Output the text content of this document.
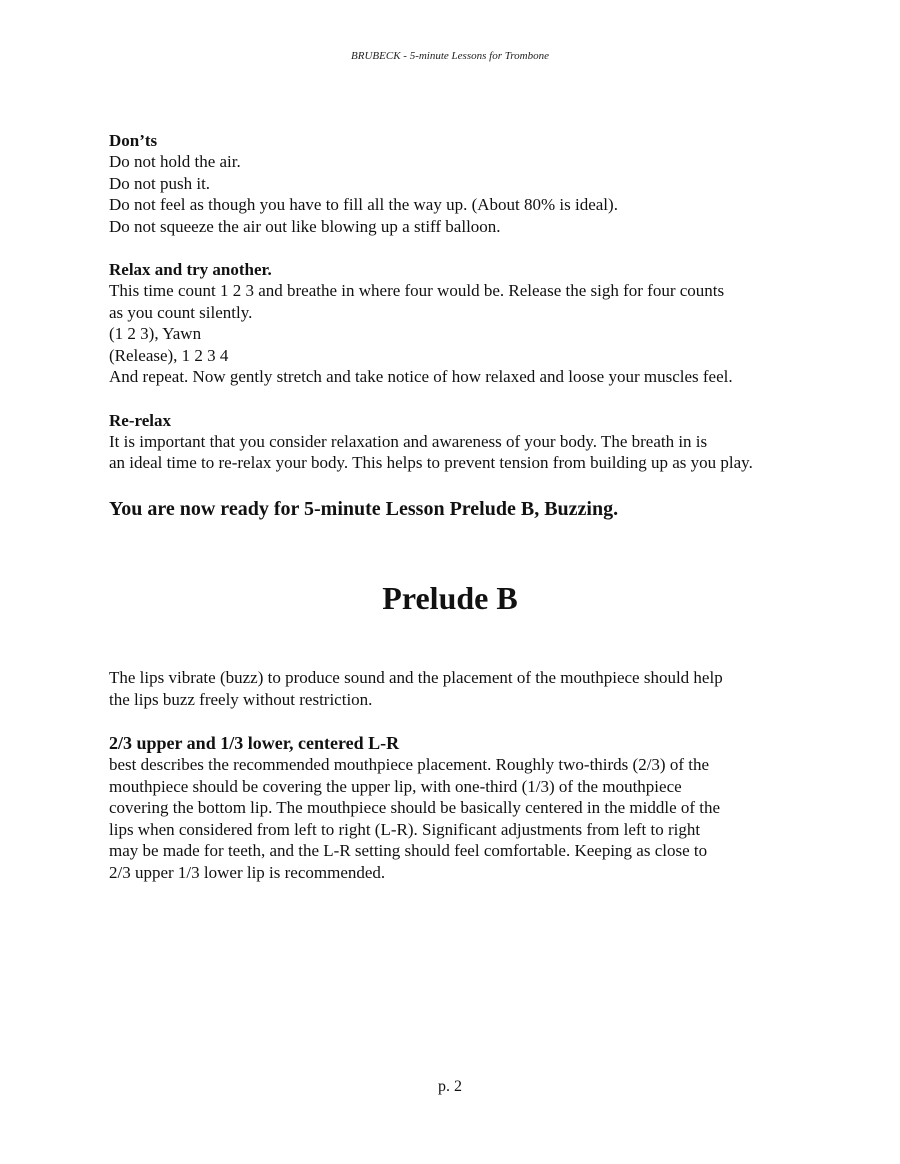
BRUBECK - 5-minute Lessons for Trombone
Don’ts

Do not hold the air.

Do not push it.

Do not feel as though you have to fill all the way up. (About 80% is ideal).

Do not squeeze the air out like blowing up a stiff balloon.

Relax and try another.

This time count 1 2 3 and breathe in where four would be. Release the sigh for four counts

as you count silently.

(1 2 3), Yawn

(Release), 1 2 3 4

And repeat. Now gently stretch and take notice of how relaxed and loose your muscles feel.

Re-relax

It is important that you consider relaxation and awareness of your body. The breath in is

an ideal time to re-relax your body. This helps to prevent tension from building up as you play.

You are now ready for 5-minute Lesson Prelude B, Buzzing.

Prelude B

The lips vibrate (buzz) to produce sound and the placement of the mouthpiece should help

the lips buzz freely without restriction.

2/3 upper and 1/3 lower, centered L-R

best describes the recommended mouthpiece placement. Roughly two-thirds (2/3) of the

mouthpiece should be covering the upper lip, with one-third (1/3) of the mouthpiece

covering the bottom lip. The mouthpiece should be basically centered in the middle of the

lips when considered from left to right (L-R). Significant adjustments from left to right

may be made for teeth, and the L-R setting should feel comfortable. Keeping as close to

2/3 upper 1/3 lower lip is recommended.

p. 2
